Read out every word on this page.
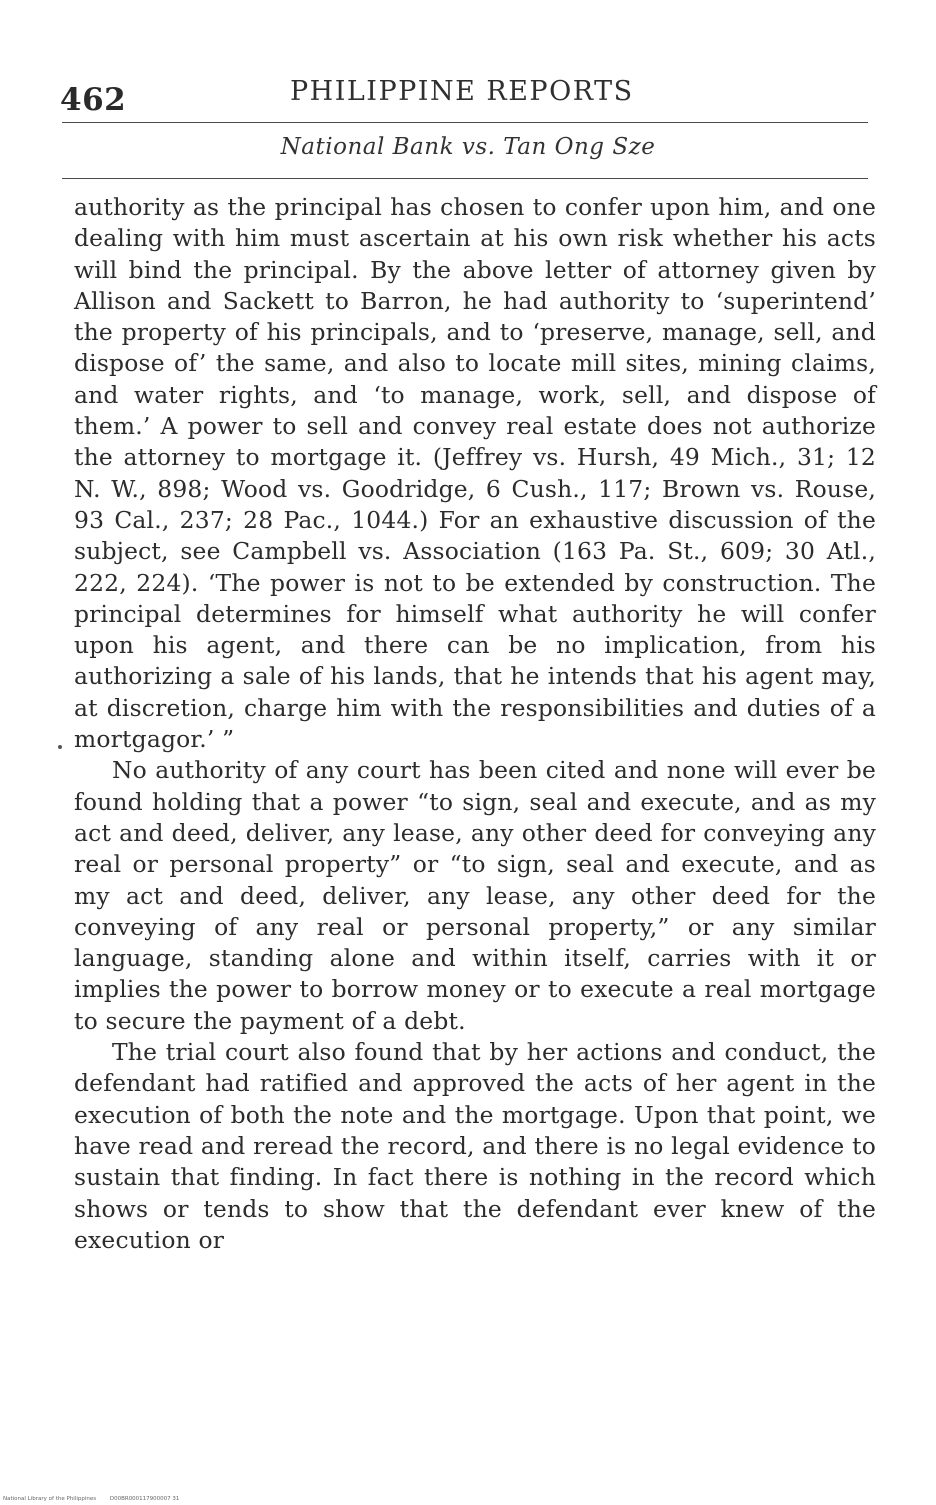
462	PHILIPPINE REPORTS
National Bank vs. Tan Ong Sze

authority as the principal has chosen to confer upon him, and one dealing with him must ascertain at his own risk whether his acts will bind the principal. By the above letter of attorney given by Allison and Sackett to Barron, he had authority to ‘superintend’ the property of his principals, and to ‘preserve, manage, sell, and dispose of’ the same, and also to locate mill sites, mining claims, and water rights, and ‘to manage, work, sell, and dispose of them.’ A power to sell and convey real estate does not authorize the attorney to mortgage it. (Jeffrey vs. Hursh, 49 Mich., 31; 12 N. W., 898; Wood vs. Goodridge, 6 Cush., 117; Brown vs. Rouse, 93 Cal., 237; 28 Pac., 1044.) For an exhaustive discussion of the subject, see Campbell vs. Association (163 Pa. St., 609; 30 Atl., 222, 224). ‘The power is not to be extended by construction. The principal determines for himself what authority he will confer upon his agent, and there can be no implication, from his authorizing a sale of his lands, that he intends that his agent may, at discretion, charge him with the responsibilities and duties of a mortgagor.’ ”

No authority of any court has been cited and none will ever be found holding that a power “to sign, seal and execute, and as my act and deed, deliver, any lease, any other deed for conveying any real or personal property” or “to sign, seal and execute, and as my act and deed, deliver, any lease, any other deed for the conveying of any real or personal property,” or any similar language, standing alone and within itself, carries with it or implies the power to borrow money or to execute a real mortgage to secure the payment of a debt.

The trial court also found that by her actions and conduct, the defendant had ratified and approved the acts of her agent in the execution of both the note and the mortgage. Upon that point, we have read and reread the record, and there is no legal evidence to sustain that finding. In fact there is nothing in the record which shows or tends to show that the defendant ever knew of the execution or

National Library of the Philippines	D00BR000117900007 31
